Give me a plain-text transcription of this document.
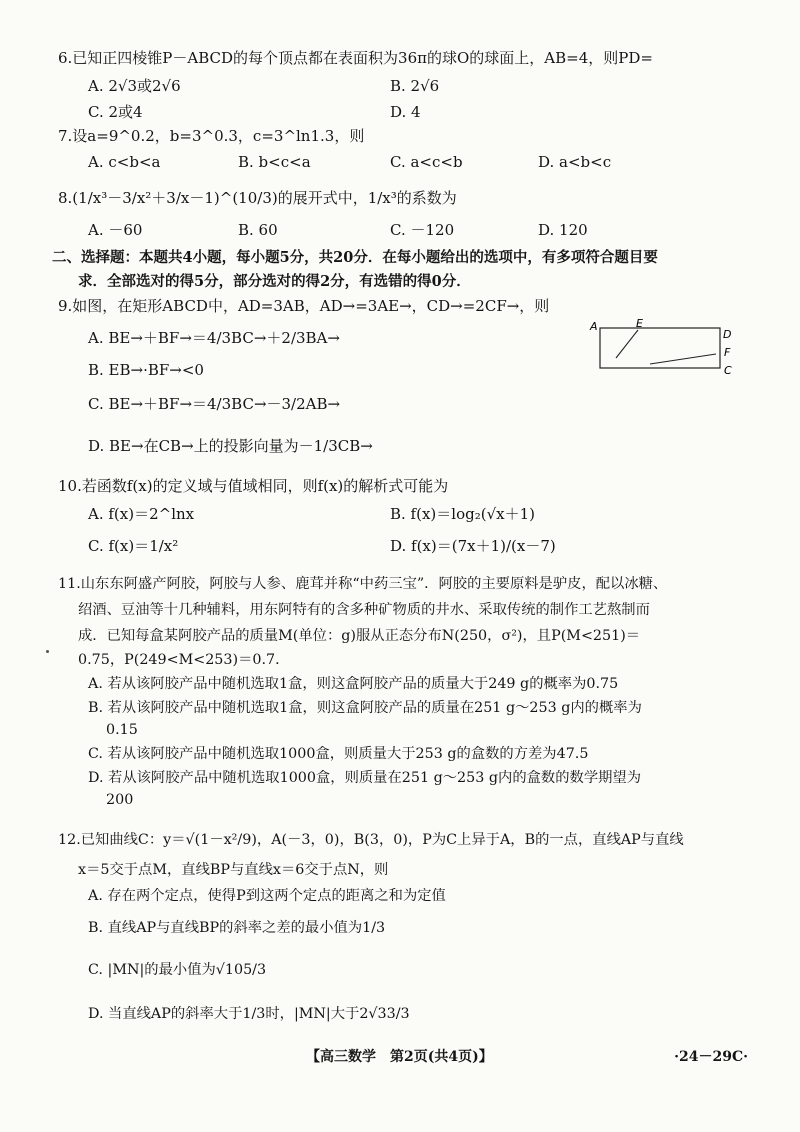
6.已知正四棱锥P－ABCD的每个顶点都在表面积为36π的球O的球面上，AB=4，则PD=
A. 2√3或2√6	B. 2√6
C. 2或4	D. 4
7.设a=9^0.2，b=3^0.3，c=3^ln1.3，则
A. c<b<a	B. b<c<a	C. a<c<b	D. a<b<c
8.(1/x³－3/x²＋3/x－1)^(10/3)的展开式中，1/x³的系数为
A. －60	B. 60	C. －120	D. 120
二、选择题：本题共4小题，每小题5分，共20分．在每小题给出的选项中，有多项符合题目要
求．全部选对的得5分，部分选对的得2分，有选错的得0分．
9.如图，在矩形ABCD中，AD=3AB，AD→=3AE→，CD→=2CF→，则
A. BE→＋BF→＝4/3BC→＋2/3BA→
B. EB→·BF→<0
C. BE→＋BF→＝4/3BC→－3/2AB→
D. BE→在CB→上的投影向量为－1/3CB→
A	E
D
F
C
10.若函数f(x)的定义域与值域相同，则f(x)的解析式可能为
A. f(x)＝2^lnx	B. f(x)＝log₂(√x＋1)
C. f(x)＝1/x²	D. f(x)＝(7x＋1)/(x－7)
11.山东东阿盛产阿胶，阿胶与人参、鹿茸并称“中药三宝”．阿胶的主要原料是驴皮，配以冰糖、
绍酒、豆油等十几种辅料，用东阿特有的含多种矿物质的井水、采取传统的制作工艺熬制而
成．已知每盒某阿胶产品的质量M(单位：g)服从正态分布N(250，σ²)，且P(M<251)＝
0.75，P(249<M<253)＝0.7．
A. 若从该阿胶产品中随机选取1盒，则这盒阿胶产品的质量大于249 g的概率为0.75
B. 若从该阿胶产品中随机选取1盒，则这盒阿胶产品的质量在251 g～253 g内的概率为
0.15
C. 若从该阿胶产品中随机选取1000盒，则质量大于253 g的盒数的方差为47.5
D. 若从该阿胶产品中随机选取1000盒，则质量在251 g～253 g内的盒数的数学期望为
200
12.已知曲线C：y＝√(1－x²/9)，A(－3，0)，B(3，0)，P为C上异于A，B的一点，直线AP与直线
x＝5交于点M，直线BP与直线x＝6交于点N，则
A. 存在两个定点，使得P到这两个定点的距离之和为定值
B. 直线AP与直线BP的斜率之差的最小值为1/3
C. |MN|的最小值为√105/3
D. 当直线AP的斜率大于1/3时，|MN|大于2√33/3
【高三数学　第2页(共4页)】	·24－29C·
